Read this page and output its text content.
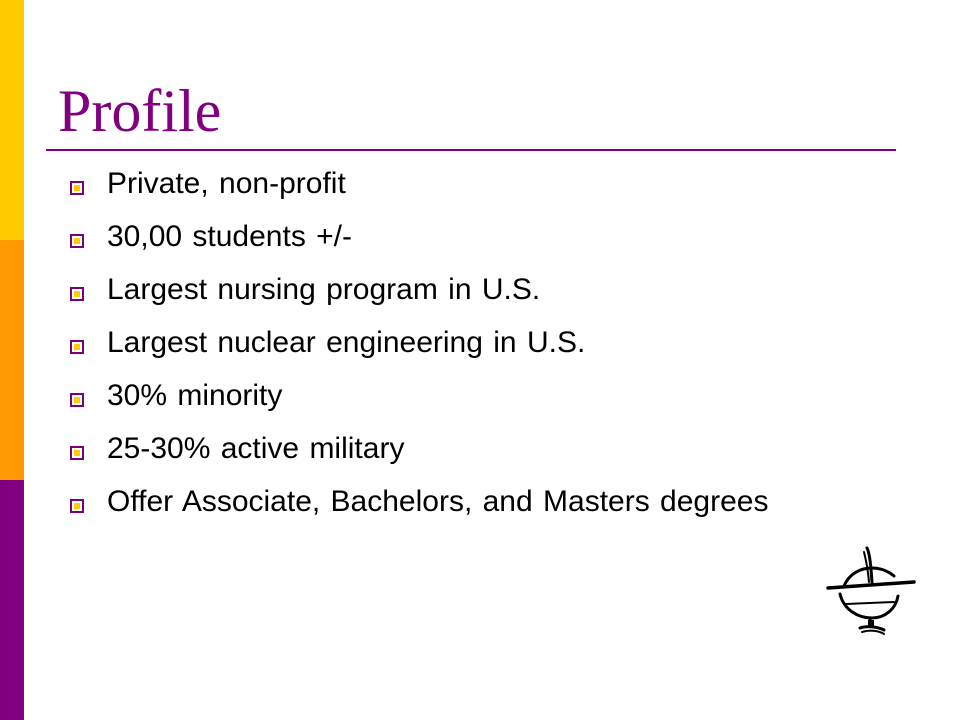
Profile
Private, non-profit
30,00 students +/-
Largest nursing program in U.S.
Largest nuclear engineering in U.S.
30% minority
25-30% active military
Offer Associate, Bachelors, and Masters degrees
